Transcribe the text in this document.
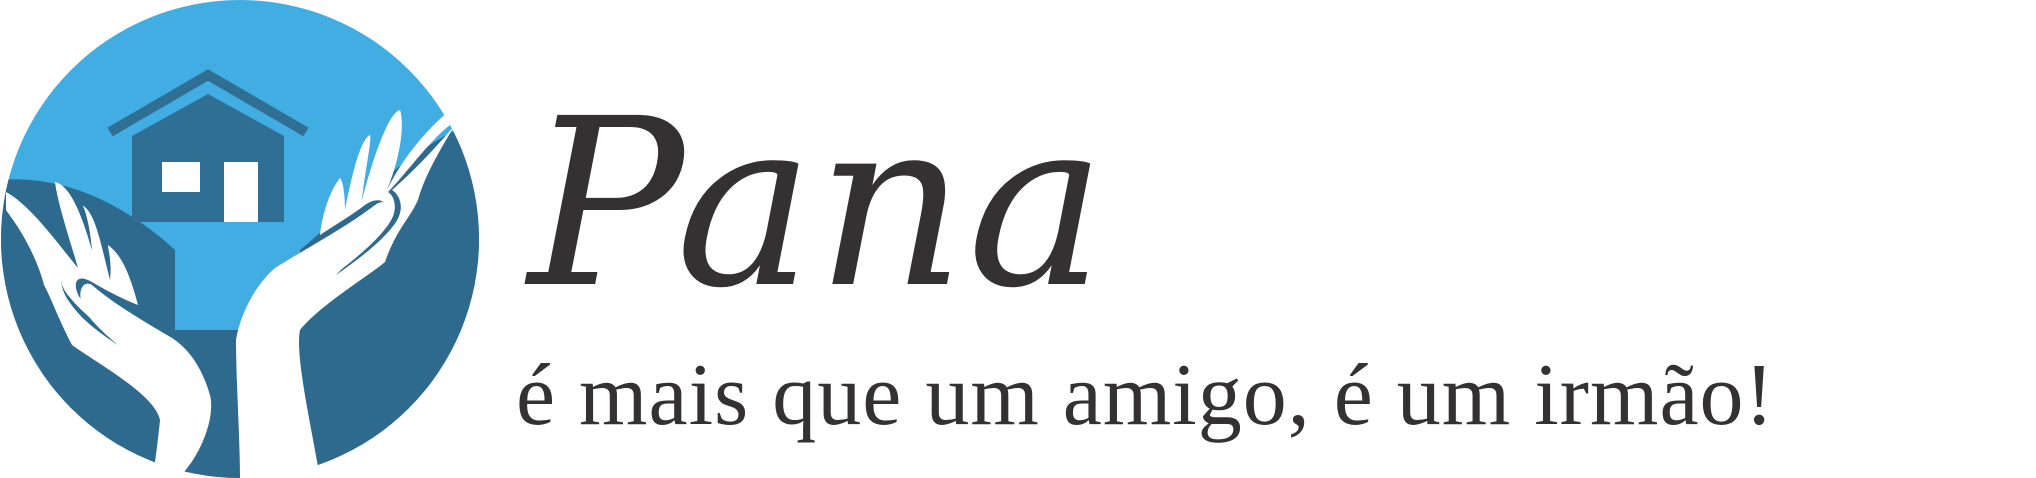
Pana
é mais que um amigo, é um irmão!
